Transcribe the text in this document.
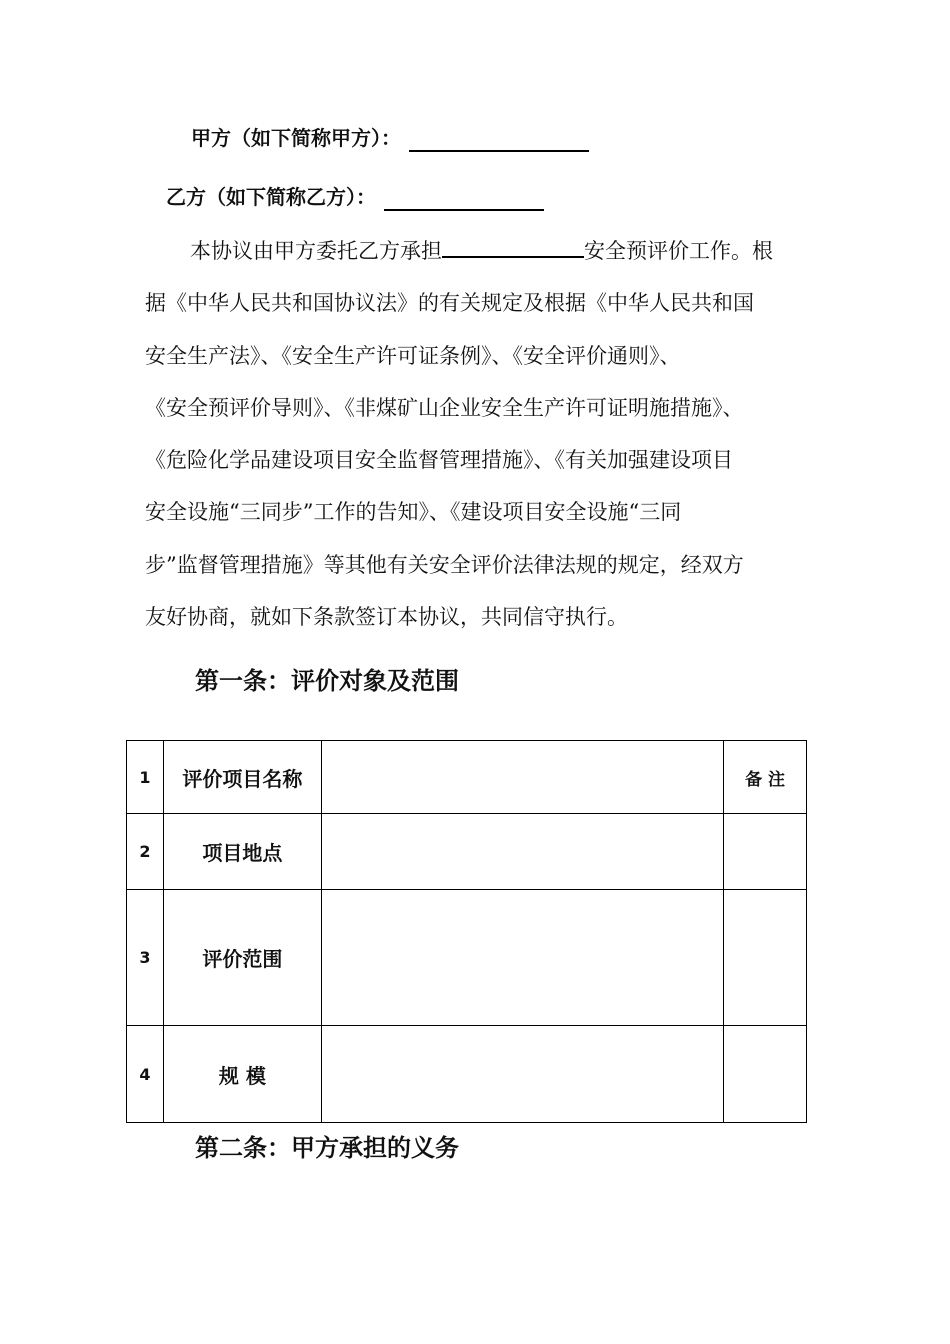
甲方（如下简称甲方）：
乙方（如下简称乙方）：
本协议由甲方委托乙方承担	安全预评价工作。根
据《中华人民共和国协议法》的有关规定及根据《中华人民共和国
安全生产法》、《安全生产许可证条例》、《安全评价通则》、
《安全预评价导则》、《非煤矿山企业安全生产许可证明施措施》、
《危险化学品建设项目安全监督管理措施》、《有关加强建设项目
安全设施“三同步”工作的告知》、《建设项目安全设施“三同
步”监督管理措施》等其他有关安全评价法律法规的规定，经双方
友好协商，就如下条款签订本协议，共同信守执行。
第一条：评价对象及范围
1	评价项目名称		备 注
2	项目地点		
3	评价范围		
4	规 模		
第二条：甲方承担的义务
